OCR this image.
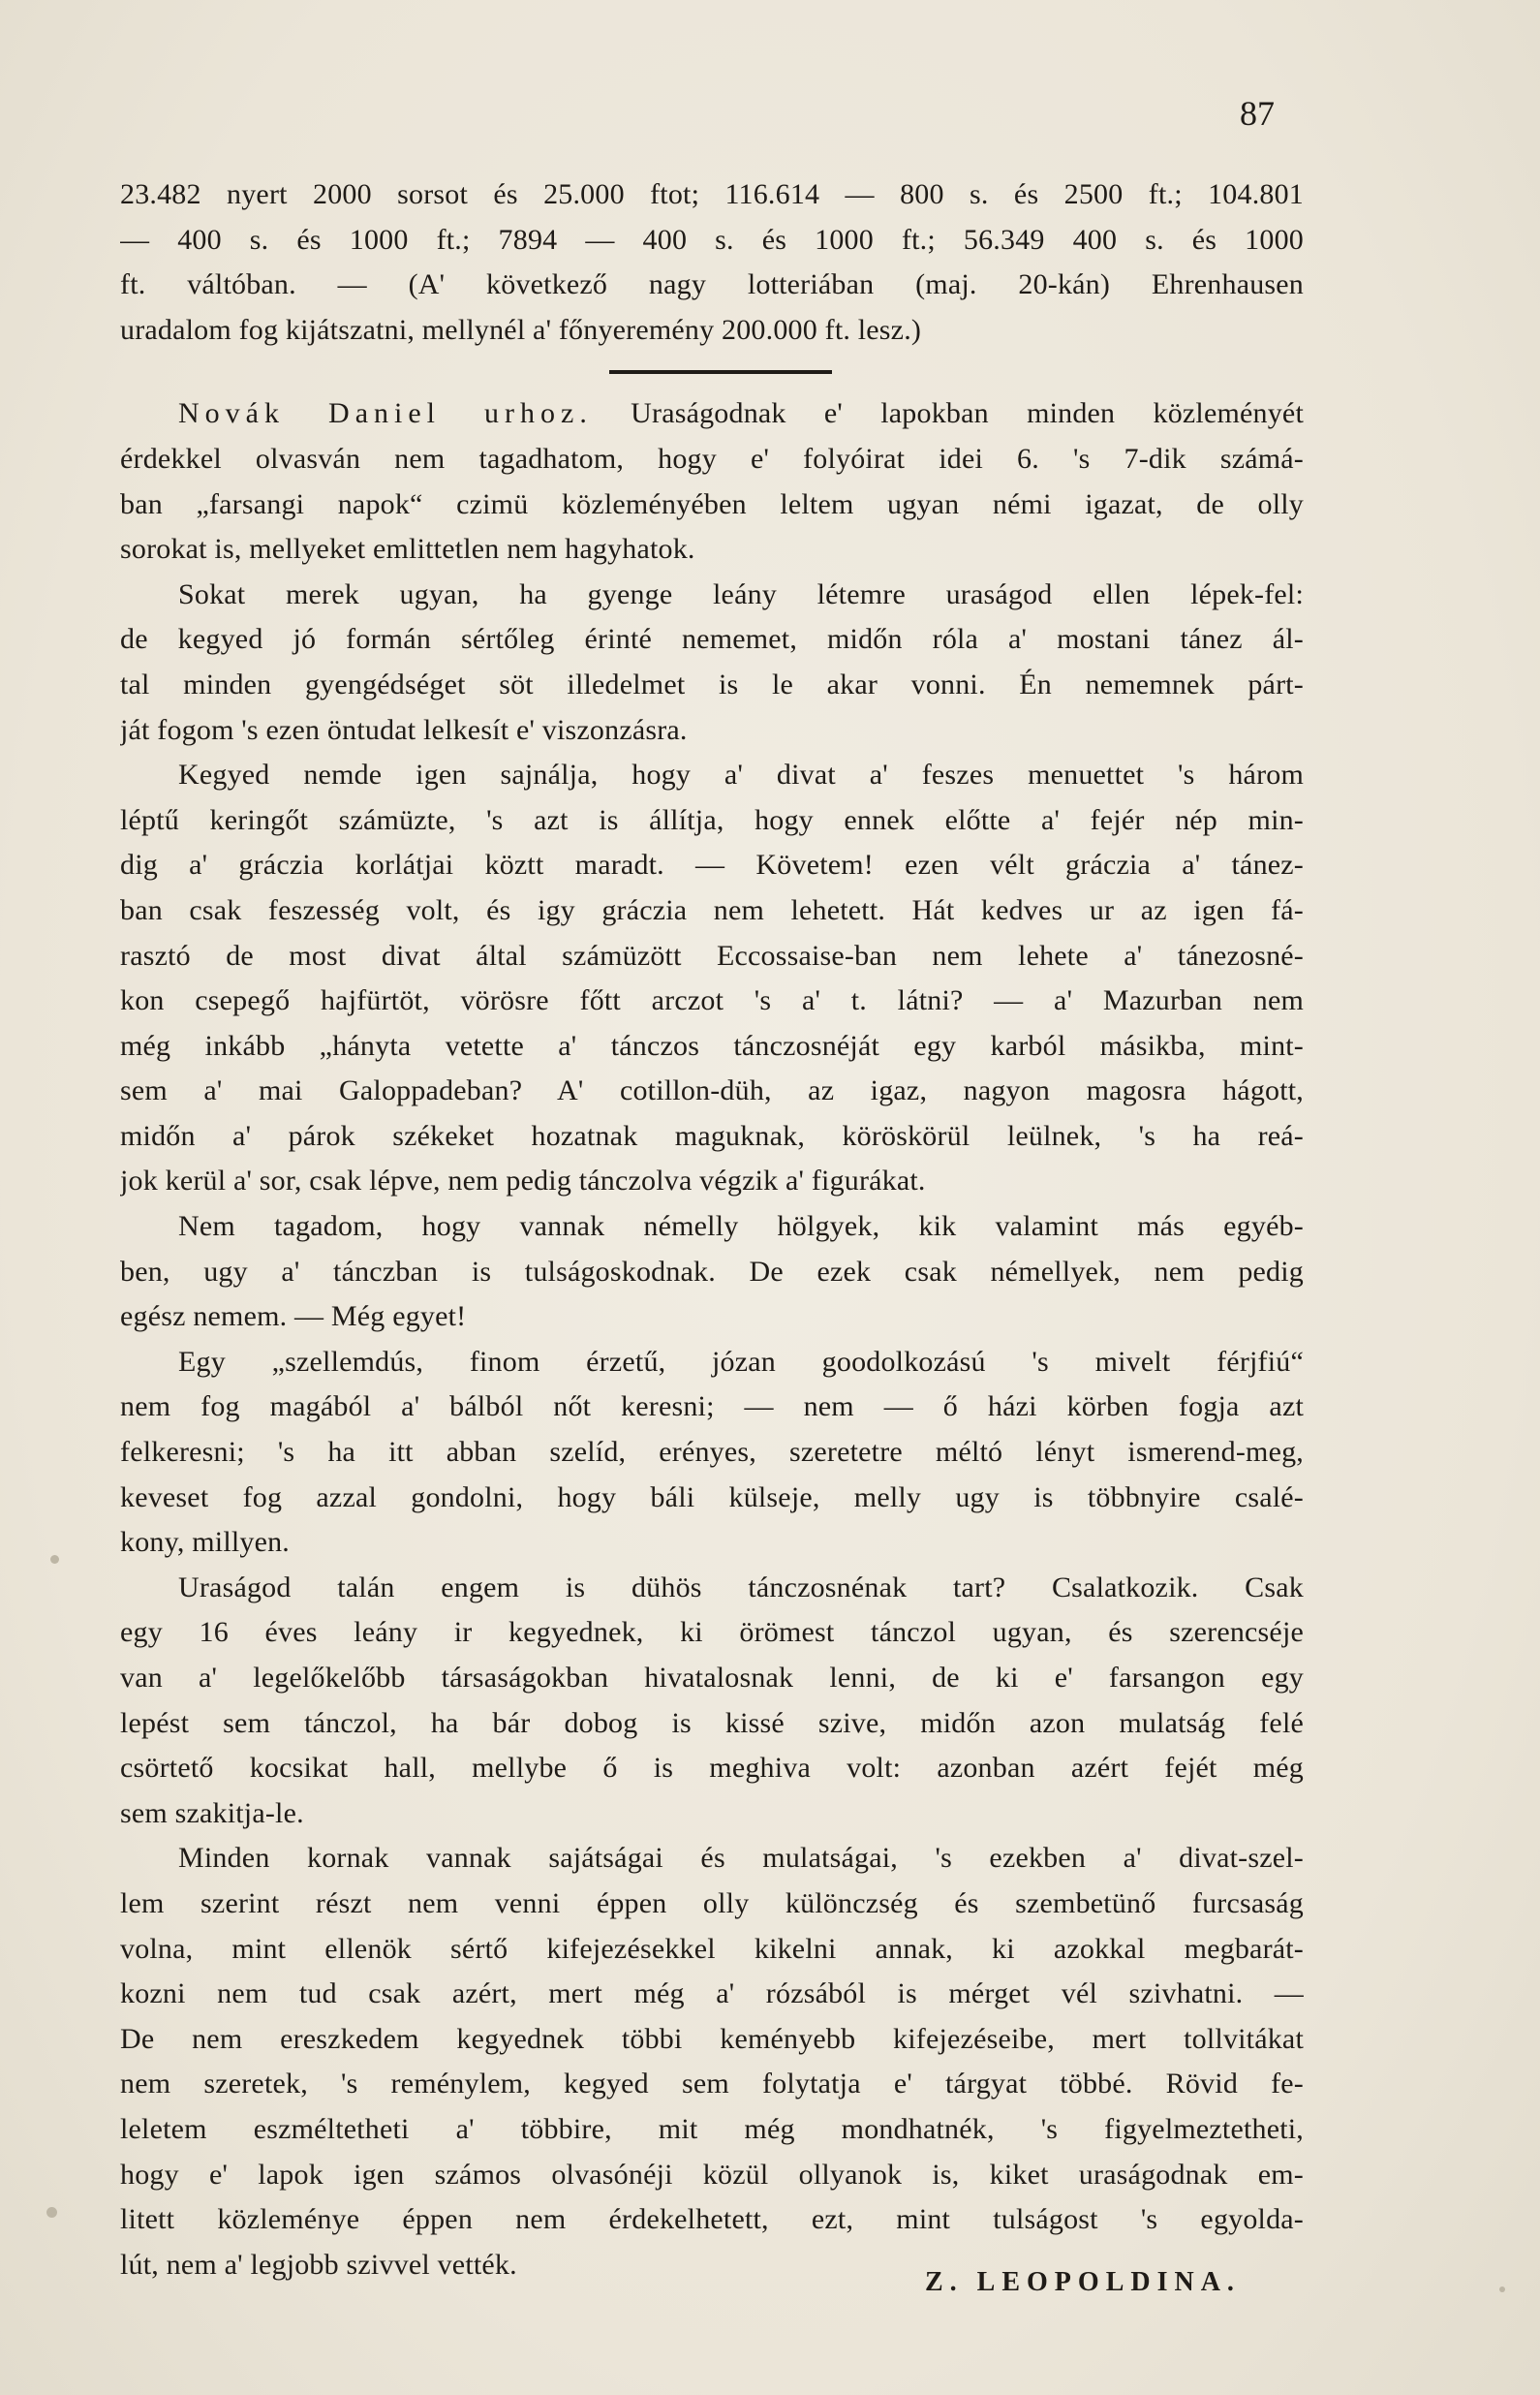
87
23.482 nyert 2000 sorsot és 25.000 ftot; 116.614 — 800 s. és 2500 ft.; 104.801
— 400 s. és 1000 ft.; 7894 — 400 s. és 1000 ft.; 56.349 400 s. és 1000
ft. váltóban. — (A' következő nagy lotteriában (maj. 20-kán) Ehrenhausen
uradalom fog kijátszatni, mellynél a' főnyeremény 200.000 ft. lesz.)
Novák Daniel urhoz. Uraságodnak e' lapokban minden közleményét
érdekkel olvasván nem tagadhatom, hogy e' folyóirat idei 6. 's 7-dik számá-
ban „farsangi napok“ czimü közleményében leltem ugyan némi igazat, de olly
sorokat is, mellyeket emlittetlen nem hagyhatok.
Sokat merek ugyan, ha gyenge leány létemre uraságod ellen lépek-fel:
de kegyed jó formán sértőleg érinté nememet, midőn róla a' mostani tánez ál-
tal minden gyengédséget söt illedelmet is le akar vonni. Én nememnek párt-
ját fogom 's ezen öntudat lelkesít e' viszonzásra.
Kegyed nemde igen sajnálja, hogy a' divat a' feszes menuettet 's három
léptű keringőt számüzte, 's azt is állítja, hogy ennek előtte a' fejér nép min-
dig a' gráczia korlátjai köztt maradt. — Követem! ezen vélt gráczia a' tánez-
ban csak feszesség volt, és igy gráczia nem lehetett. Hát kedves ur az igen fá-
rasztó de most divat által számüzött Eccossaise-ban nem lehete a' tánezosné-
kon csepegő hajfürtöt, vörösre főtt arczot 's a' t. látni? — a' Mazurban nem
még inkább „hányta vetette a' tánczos tánczosnéját egy karból másikba, mint-
sem a' mai Galoppadeban? A' cotillon-düh, az igaz, nagyon magosra hágott,
midőn a' párok székeket hozatnak maguknak, köröskörül leülnek, 's ha reá-
jok kerül a' sor, csak lépve, nem pedig tánczolva végzik a' figurákat.
Nem tagadom, hogy vannak némelly hölgyek, kik valamint más egyéb-
ben, ugy a' tánczban is tulságoskodnak. De ezek csak némellyek, nem pedig
egész nemem. — Még egyet!
Egy „szellemdús, finom érzetű, józan goodolkozású 's mivelt férjfiú“
nem fog magából a' bálból nőt keresni; — nem — ő házi körben fogja azt
felkeresni; 's ha itt abban szelíd, erényes, szeretetre méltó lényt ismerend-meg,
keveset fog azzal gondolni, hogy báli külseje, melly ugy is többnyire csalé-
kony, millyen.
Uraságod talán engem is dühös tánczosnénak tart? Csalatkozik. Csak
egy 16 éves leány ir kegyednek, ki örömest tánczol ugyan, és szerencséje
van a' legelőkelőbb társaságokban hivatalosnak lenni, de ki e' farsangon egy
lepést sem tánczol, ha bár dobog is kissé szive, midőn azon mulatság felé
csörtető kocsikat hall, mellybe ő is meghiva volt: azonban azért fejét még
sem szakitja-le.
Minden kornak vannak sajátságai és mulatságai, 's ezekben a' divat-szel-
lem szerint részt nem venni éppen olly különczség és szembetünő furcsaság
volna, mint ellenök sértő kifejezésekkel kikelni annak, ki azokkal megbarát-
kozni nem tud csak azért, mert még a' rózsából is mérget vél szivhatni. —
De nem ereszkedem kegyednek többi keményebb kifejezéseibe, mert tollvitákat
nem szeretek, 's reménylem, kegyed sem folytatja e' tárgyat többé. Rövid fe-
leletem eszméltetheti a' többire, mit még mondhatnék, 's figyelmeztetheti,
hogy e' lapok igen számos olvasónéji közül ollyanok is, kiket uraságodnak em-
litett közleménye éppen nem érdekelhetett, ezt, mint tulságost 's egyolda-
lút, nem a' legjobb szivvel vették.
Z. LEOPOLDINA.
